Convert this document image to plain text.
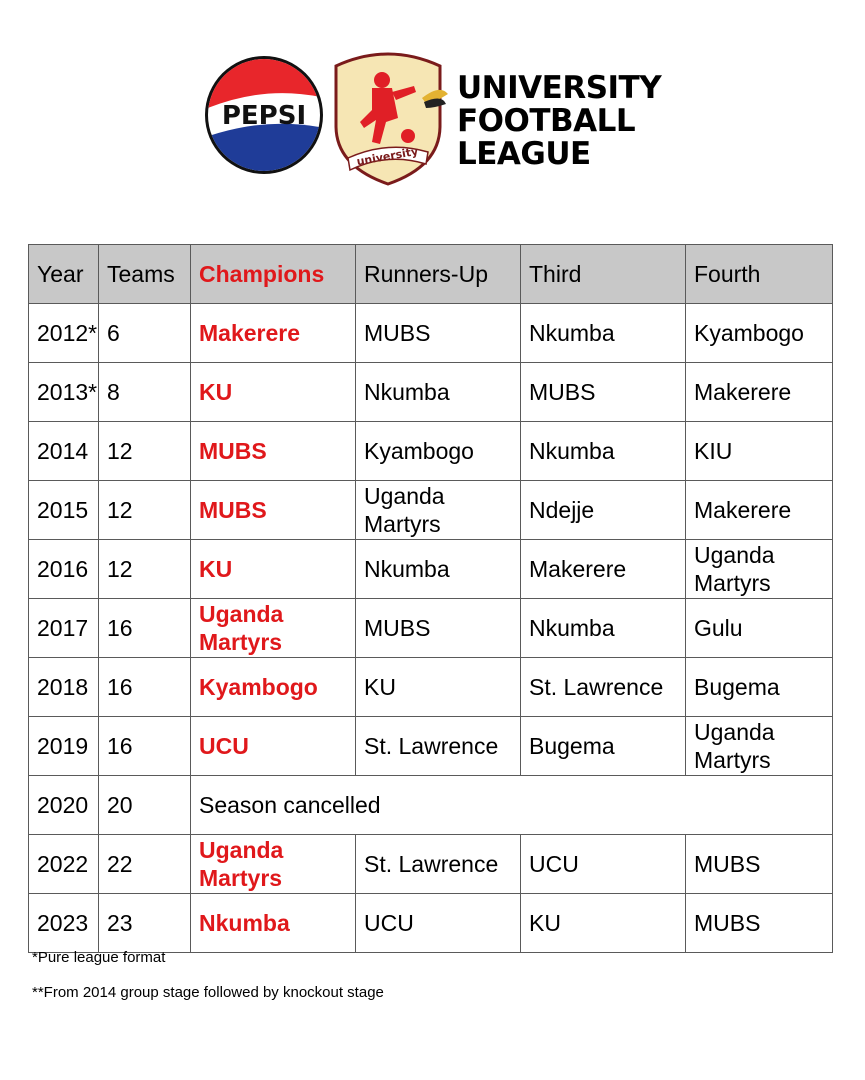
PEPSI
university
UNIVERSITY
FOOTBALL
LEAGUE
Year	Teams	Champions	Runners-Up	Third	Fourth
2012*	6	Makerere	MUBS	Nkumba	Kyambogo
2013*	8	KU	Nkumba	MUBS	Makerere
2014	12	MUBS	Kyambogo	Nkumba	KIU
2015	12	MUBS	Uganda Martyrs	Ndejje	Makerere
2016	12	KU	Nkumba	Makerere	Uganda Martyrs
2017	16	Uganda Martyrs	MUBS	Nkumba	Gulu
2018	16	Kyambogo	KU	St. Lawrence	Bugema
2019	16	UCU	St. Lawrence	Bugema	Uganda Martyrs
2020	20	Season cancelled			
2022	22	Uganda Martyrs	St. Lawrence	UCU	MUBS
2023	23	Nkumba	UCU	KU	MUBS
*Pure league format
**From 2014 group stage followed by knockout stage
